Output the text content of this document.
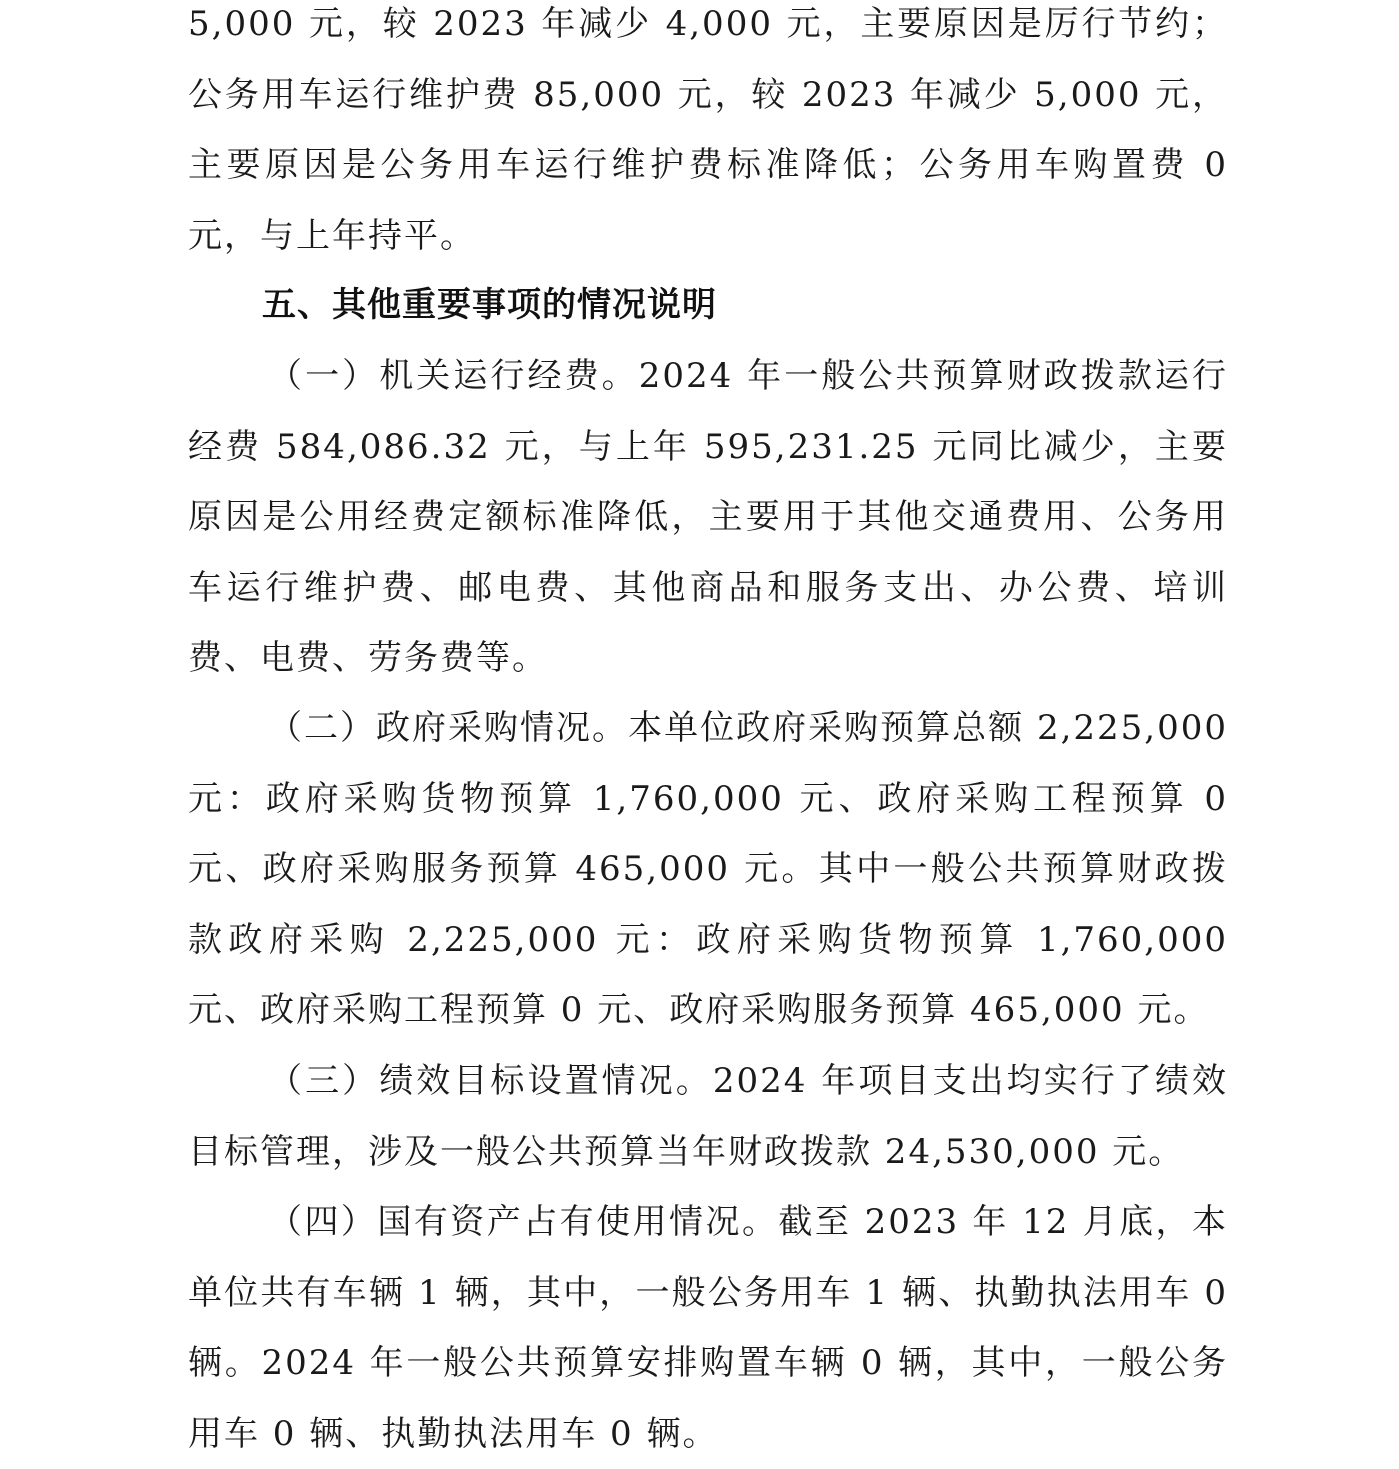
5,000 元，较 2023 年减少 4,000 元，主要原因是厉行节约；公务用车运行维护费 85,000 元，较 2023 年减少 5,000 元，主要原因是公务用车运行维护费标准降低；公务用车购置费 0 元，与上年持平。

五、其他重要事项的情况说明

（一）机关运行经费。2024 年一般公共预算财政拨款运行经费 584,086.32 元，与上年 595,231.25 元同比减少，主要原因是公用经费定额标准降低，主要用于其他交通费用、公务用车运行维护费、邮电费、其他商品和服务支出、办公费、培训费、电费、劳务费等。

（二）政府采购情况。本单位政府采购预算总额 2,225,000 元：政府采购货物预算 1,760,000 元、政府采购工程预算 0 元、政府采购服务预算 465,000 元。其中一般公共预算财政拨款政府采购 2,225,000 元：政府采购货物预算 1,760,000 元、政府采购工程预算 0 元、政府采购服务预算 465,000 元。

（三）绩效目标设置情况。2024 年项目支出均实行了绩效目标管理，涉及一般公共预算当年财政拨款 24,530,000 元。

（四）国有资产占有使用情况。截至 2023 年 12 月底，本单位共有车辆 1 辆，其中，一般公务用车 1 辆、执勤执法用车 0 辆。2024 年一般公共预算安排购置车辆 0 辆，其中，一般公务用车 0 辆、执勤执法用车 0 辆。
